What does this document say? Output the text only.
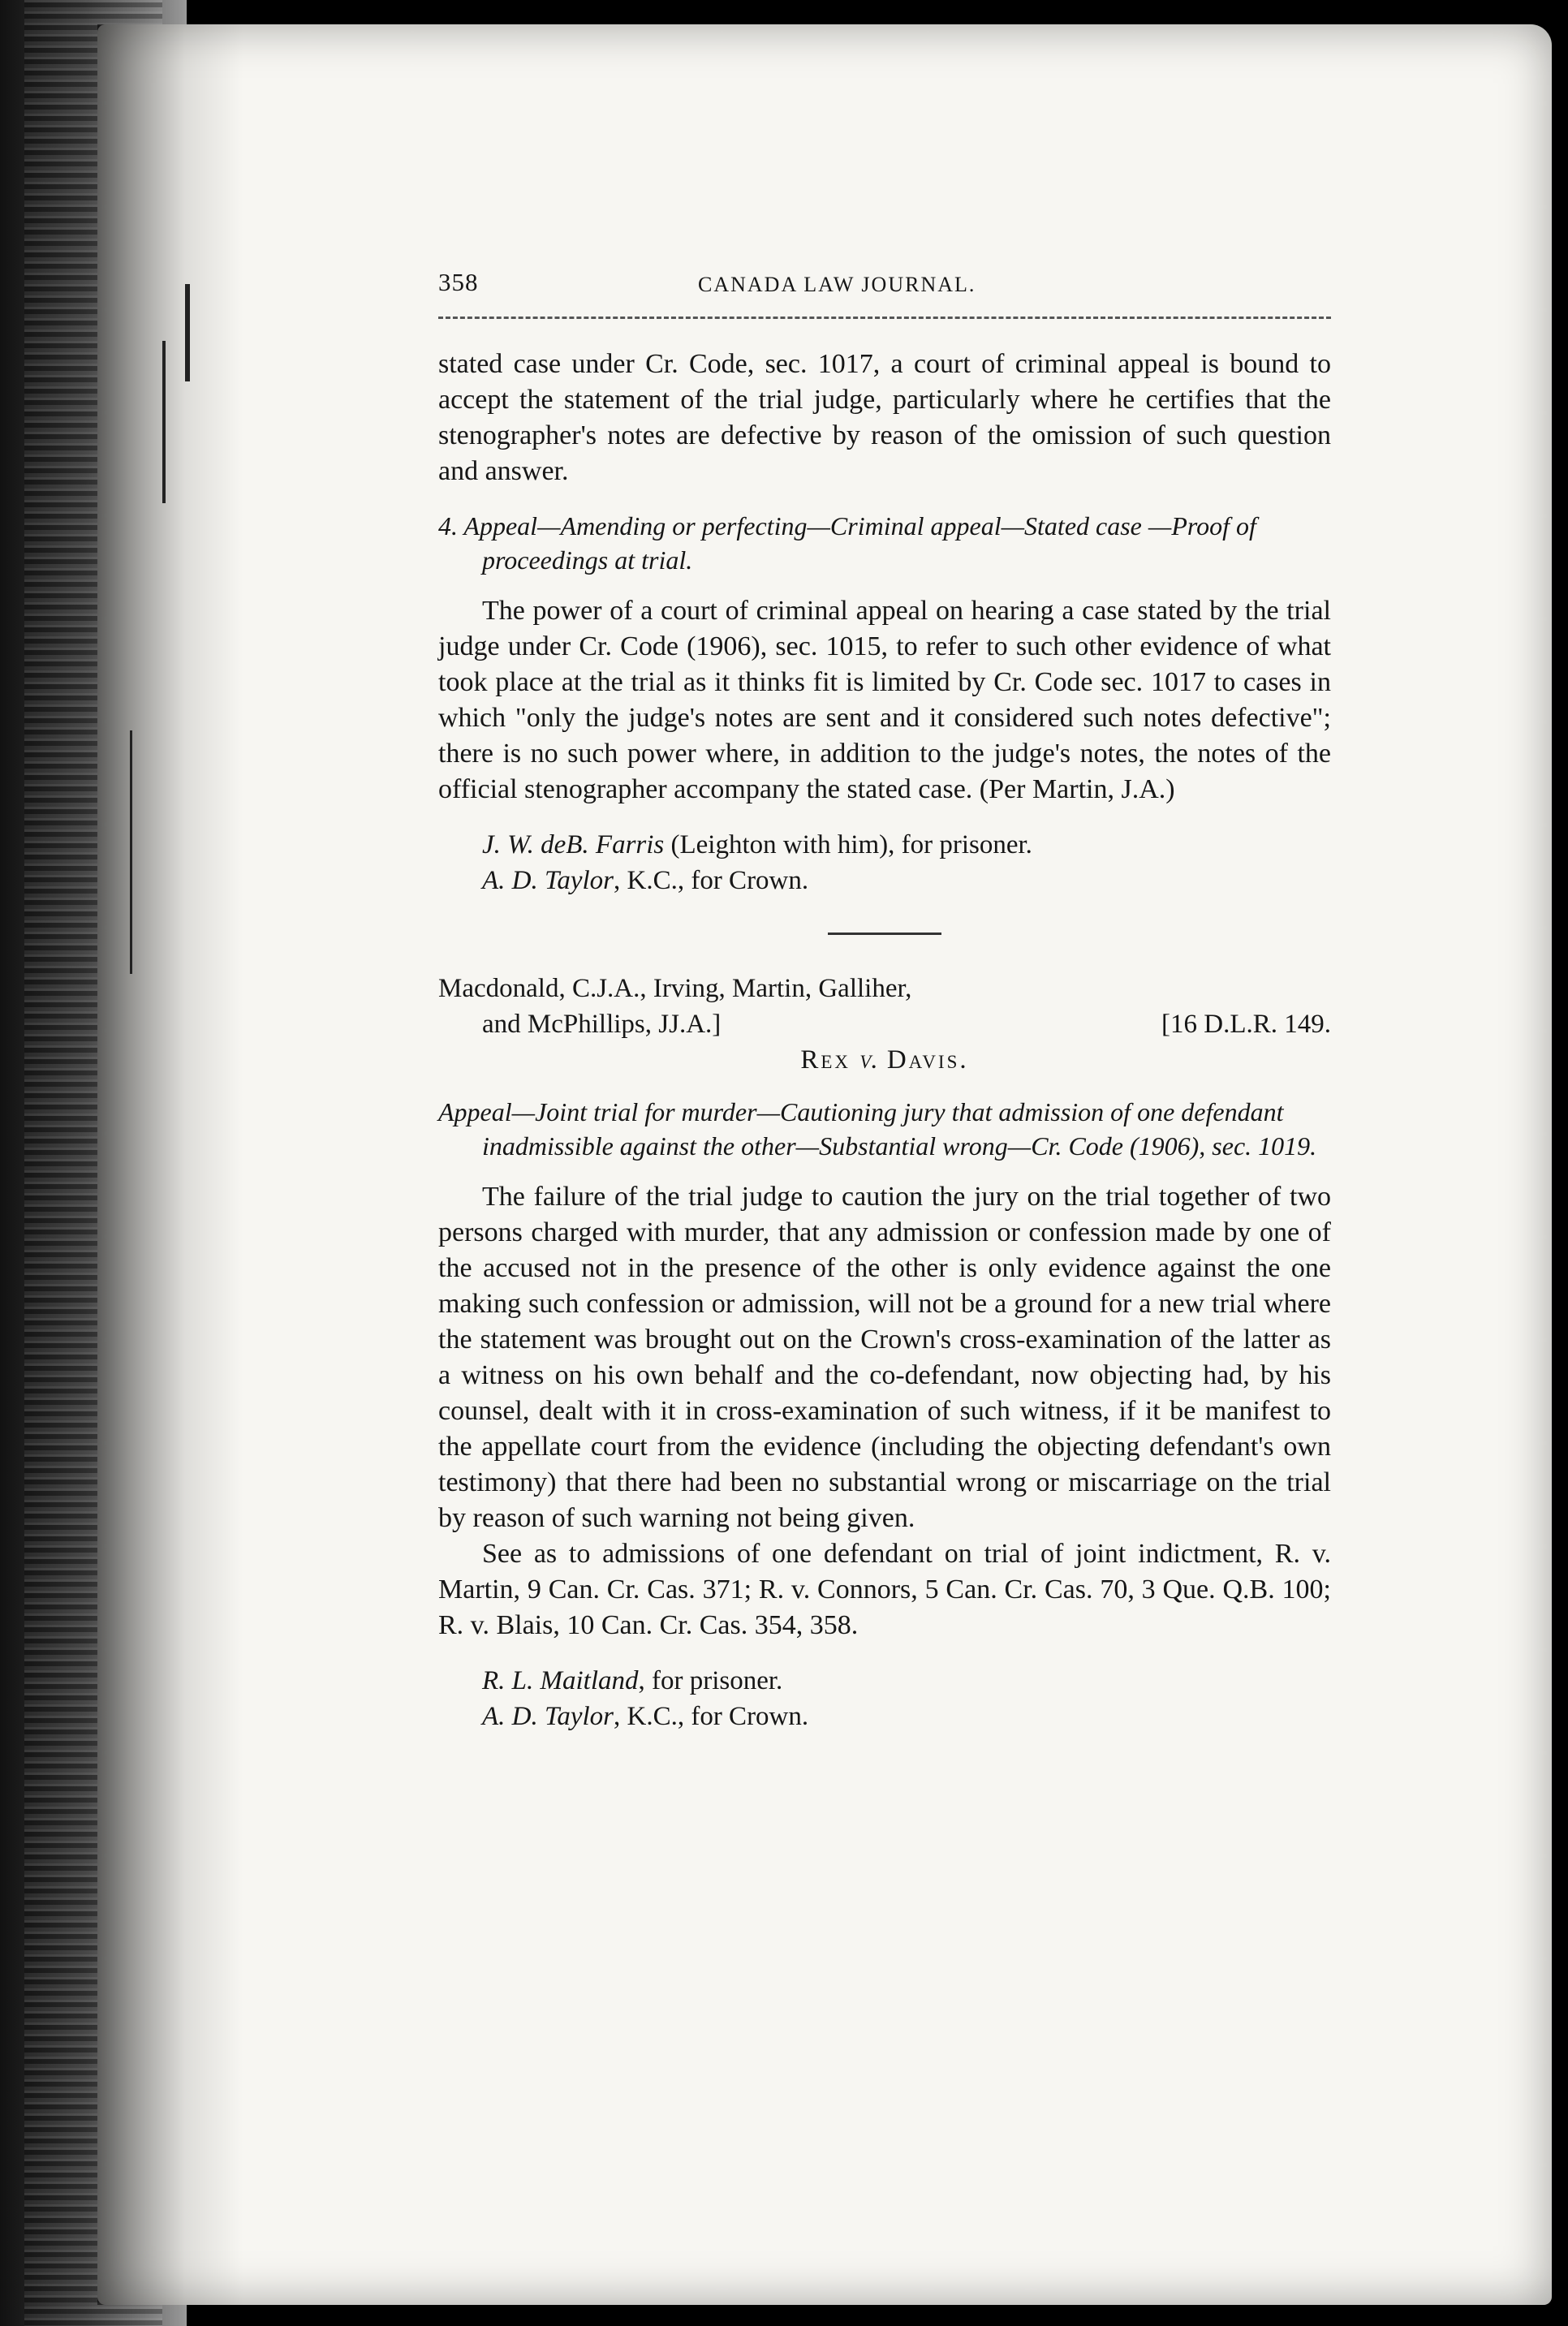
358	CANADA LAW JOURNAL.

stated case under Cr. Code, sec. 1017, a court of criminal appeal is bound to accept the statement of the trial judge, particularly where he certifies that the stenographer's notes are defective by reason of the omission of such question and answer.

4. Appeal—Amending or perfecting—Criminal appeal—Stated case —Proof of proceedings at trial.

The power of a court of criminal appeal on hearing a case stated by the trial judge under Cr. Code (1906), sec. 1015, to refer to such other evidence of what took place at the trial as it thinks fit is limited by Cr. Code sec. 1017 to cases in which "only the judge's notes are sent and it considered such notes defective"; there is no such power where, in addition to the judge's notes, the notes of the official stenographer accompany the stated case. (Per Martin, J.A.)

J. W. deB. Farris (Leighton with him), for prisoner.
A. D. Taylor, K.C., for Crown.
Macdonald, C.J.A., Irving, Martin, Galliher,
and McPhillips, JJ.A.]	[16 D.L.R. 149.
Rex v. Davis.
Appeal—Joint trial for murder—Cautioning jury that admission of one defendant inadmissible against the other—Substantial wrong—Cr. Code (1906), sec. 1019.

The failure of the trial judge to caution the jury on the trial together of two persons charged with murder, that any admission or confession made by one of the accused not in the presence of the other is only evidence against the one making such confession or admission, will not be a ground for a new trial where the statement was brought out on the Crown's cross-examination of the latter as a witness on his own behalf and the co-defendant, now objecting had, by his counsel, dealt with it in cross-examination of such witness, if it be manifest to the appellate court from the evidence (including the objecting defendant's own testimony) that there had been no substantial wrong or miscarriage on the trial by reason of such warning not being given.

See as to admissions of one defendant on trial of joint indictment, R. v. Martin, 9 Can. Cr. Cas. 371; R. v. Connors, 5 Can. Cr. Cas. 70, 3 Que. Q.B. 100; R. v. Blais, 10 Can. Cr. Cas. 354, 358.

R. L. Maitland, for prisoner.
A. D. Taylor, K.C., for Crown.
